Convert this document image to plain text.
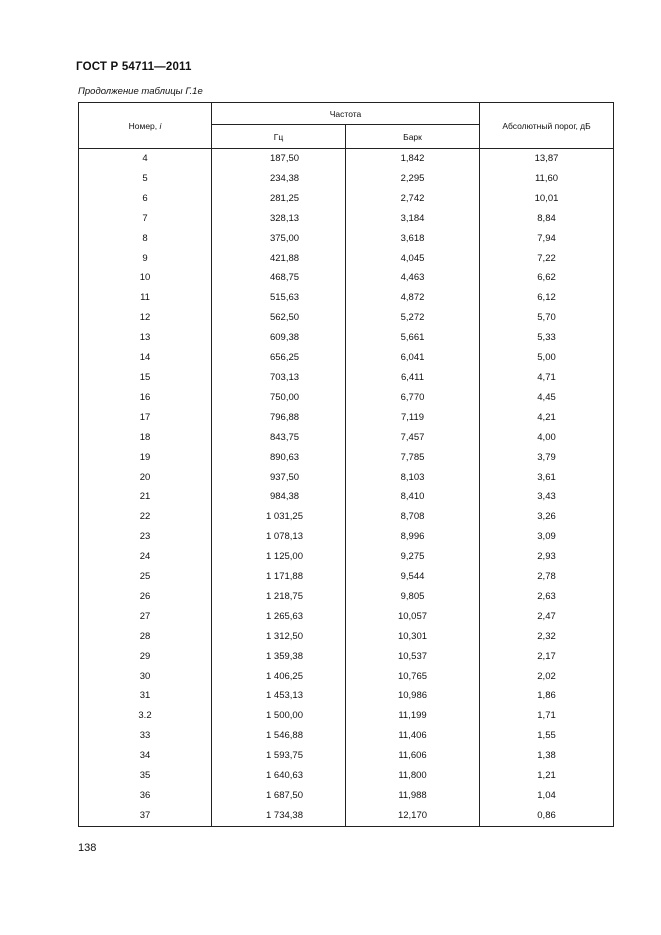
ГОСТ Р 54711—2011
Продолжение таблицы Г.1е
Номер, i	Частота		Абсолютный порог, дБ
	Гц	Барк	
4	187,50	1,842	13,87
5	234,38	2,295	11,60
6	281,25	2,742	10,01
7	328,13	3,184	8,84
8	375,00	3,618	7,94
9	421,88	4,045	7,22
10	468,75	4,463	6,62
11	515,63	4,872	6,12
12	562,50	5,272	5,70
13	609,38	5,661	5,33
14	656,25	6,041	5,00
15	703,13	6,411	4,71
16	750,00	6,770	4,45
17	796,88	7,119	4,21
18	843,75	7,457	4,00
19	890,63	7,785	3,79
20	937,50	8,103	3,61
21	984,38	8,410	3,43
22	1 031,25	8,708	3,26
23	1 078,13	8,996	3,09
24	1 125,00	9,275	2,93
25	1 171,88	9,544	2,78
26	1 218,75	9,805	2,63
27	1 265,63	10,057	2,47
28	1 312,50	10,301	2,32
29	1 359,38	10,537	2,17
30	1 406,25	10,765	2,02
31	1 453,13	10,986	1,86
3.2	1 500,00	11,199	1,71
33	1 546,88	11,406	1,55
34	1 593,75	11,606	1,38
35	1 640,63	11,800	1,21
36	1 687,50	11,988	1,04
37	1 734,38	12,170	0,86
138
